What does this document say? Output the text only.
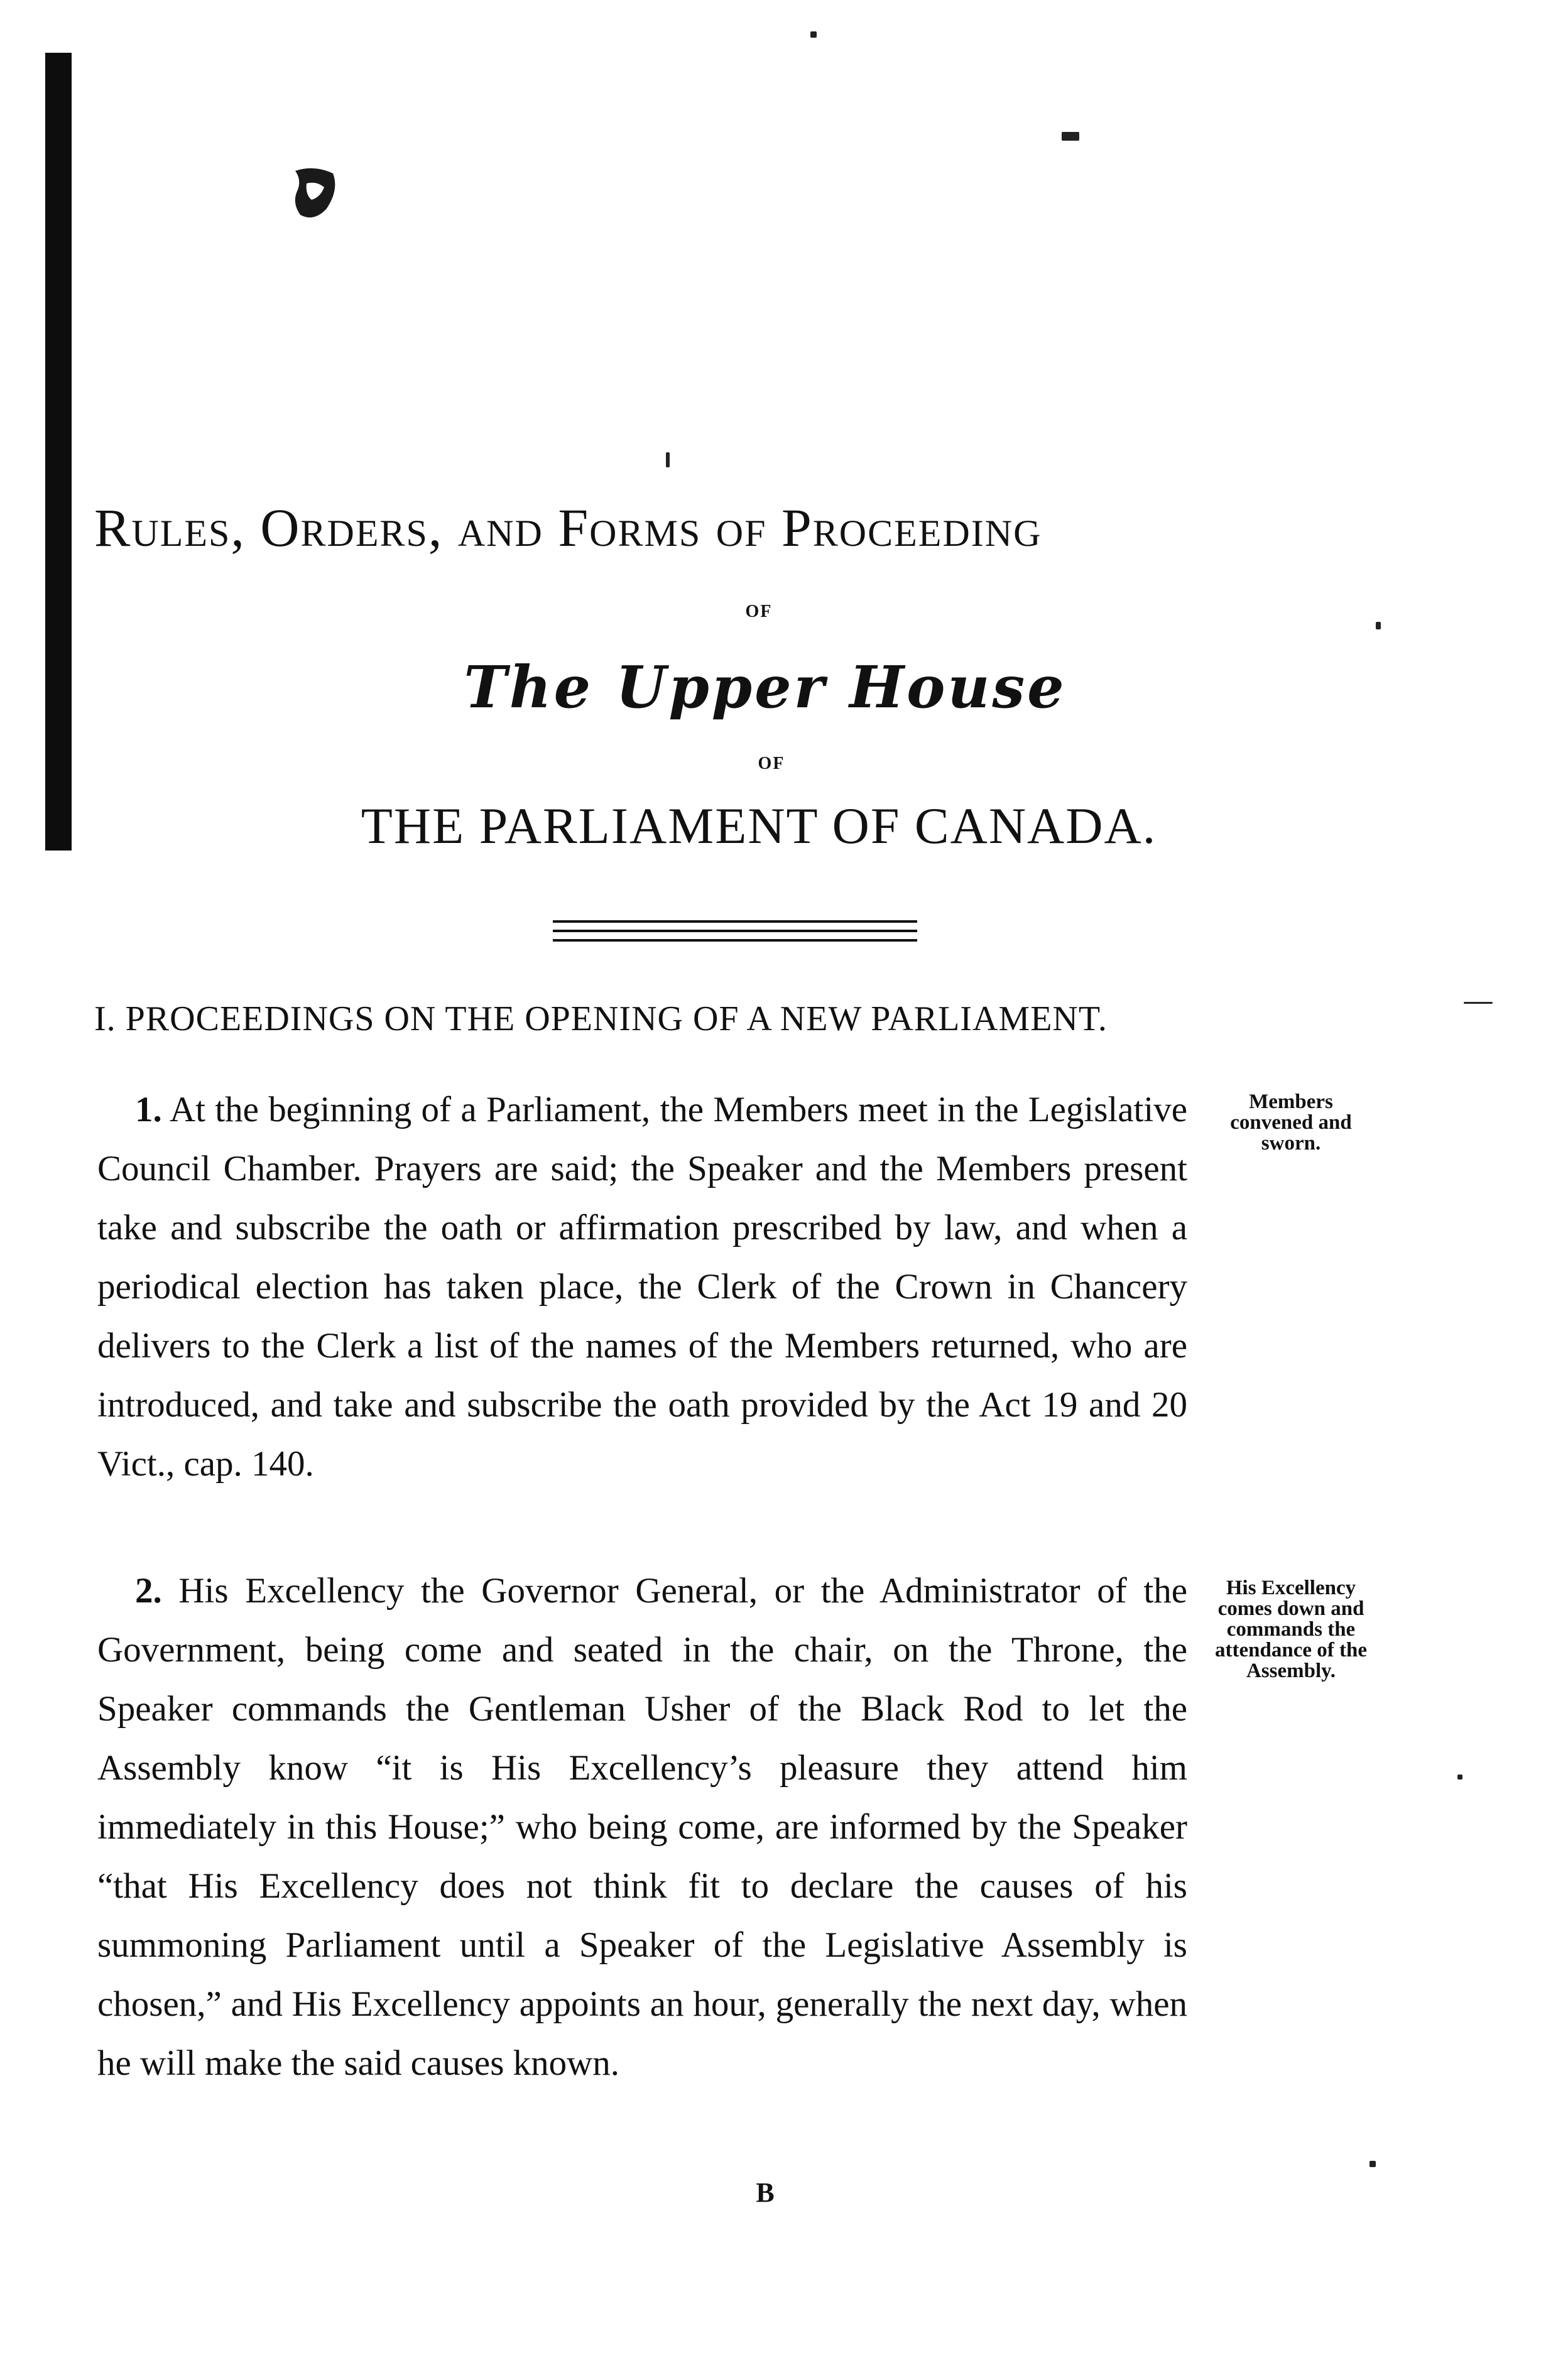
Rules, Orders, and Forms of Proceeding
OF
The Upper House
OF
THE PARLIAMENT OF CANADA.
I. PROCEEDINGS ON THE OPENING OF A NEW PARLIAMENT.
1. At the beginning of a Parliament, the Members meet in the Legislative Council Chamber. Prayers are said; the Speaker and the Members present take and subscribe the oath or affirmation prescribed by law, and when a periodical election has taken place, the Clerk of the Crown in Chancery delivers to the Clerk a list of the names of the Members returned, who are introduced, and take and subscribe the oath provided by the Act 19 and 20 Vict., cap. 140.
Members convened and sworn.
2. His Excellency the Governor General, or the Administrator of the Government, being come and seated in the chair, on the Throne, the Speaker commands the Gentleman Usher of the Black Rod to let the Assembly know “it is His Excellency’s pleasure they attend him immediately in this House;” who being come, are informed by the Speaker “that His Excellency does not think fit to declare the causes of his summoning Parliament until a Speaker of the Legislative Assembly is chosen,” and His Excellency appoints an hour, generally the next day, when he will make the said causes known.
His Excellency comes down and commands the attendance of the Assembly.
B
